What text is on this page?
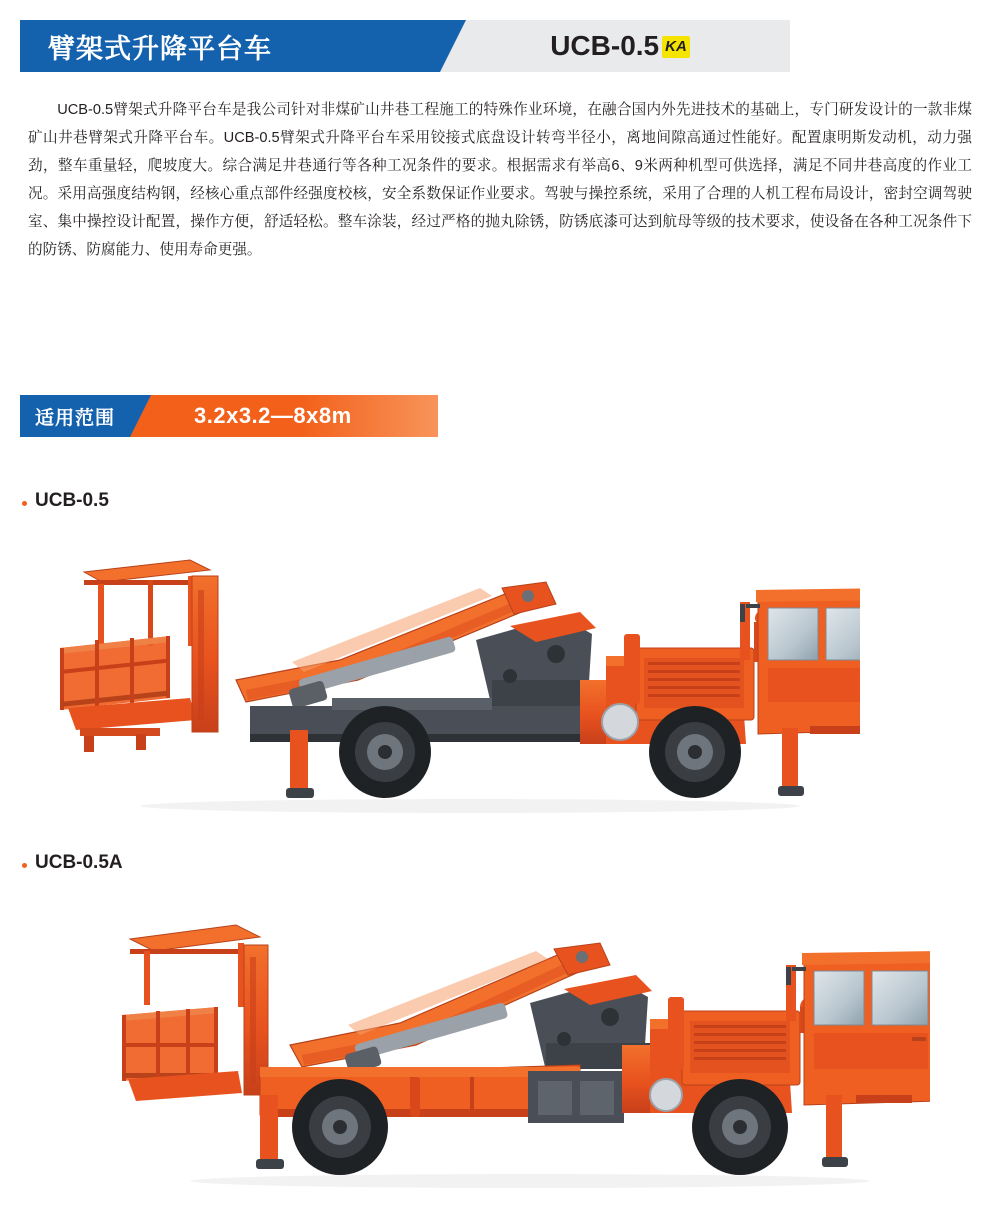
臂架式升降平台车	UCB-0.5 KA
UCB-0.5臂架式升降平台车是我公司针对非煤矿山井巷工程施工的特殊作业环境，在融合国内外先进技术的基础上，专门研发设计的一款非煤矿山井巷臂架式升降平台车。UCB-0.5臂架式升降平台车采用铰接式底盘设计转弯半径小，离地间隙高通过性能好。配置康明斯发动机，动力强劲，整车重量轻，爬坡度大。综合满足井巷通行等各种工况条件的要求。根据需求有举高6、9米两种机型可供选择，满足不同井巷高度的作业工况。采用高强度结构钢，经核心重点部件经强度校核，安全系数保证作业要求。驾驶与操控系统，采用了合理的人机工程布局设计，密封空调驾驶室、集中操控设计配置，操作方便，舒适轻松。整车涂装，经过严格的抛丸除锈，防锈底漆可达到航母等级的技术要求，使设备在各种工况条件下的防锈、防腐能力、使用寿命更强。
3.2x3.2—8x8m
适用范围
UCB-0.5
UCB-0.5A
